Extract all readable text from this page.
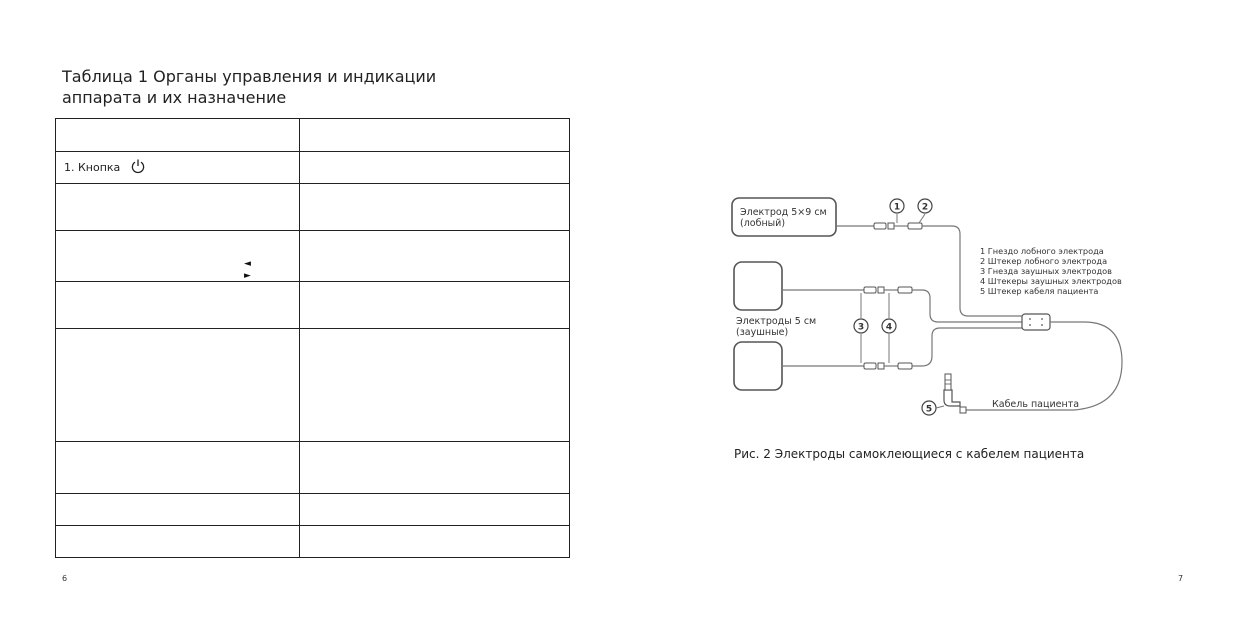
Таблица 1 Органы управления и индикации
аппарата и их назначение

1. Кнопка	

◄
►
6
Электрод 5×9 см
(лобный)
1 2
1 Гнездо лобного электрода
2 Штекер лобного электрода
3 Гнезда заушных электродов
4 Штекеры заушных электродов
5 Штекер кабеля пациента
Электроды 5 см
(заушные)	3 4
Кабель пациента
5
Рис. 2 Электроды самоклеющиеся с кабелем пациента
7
